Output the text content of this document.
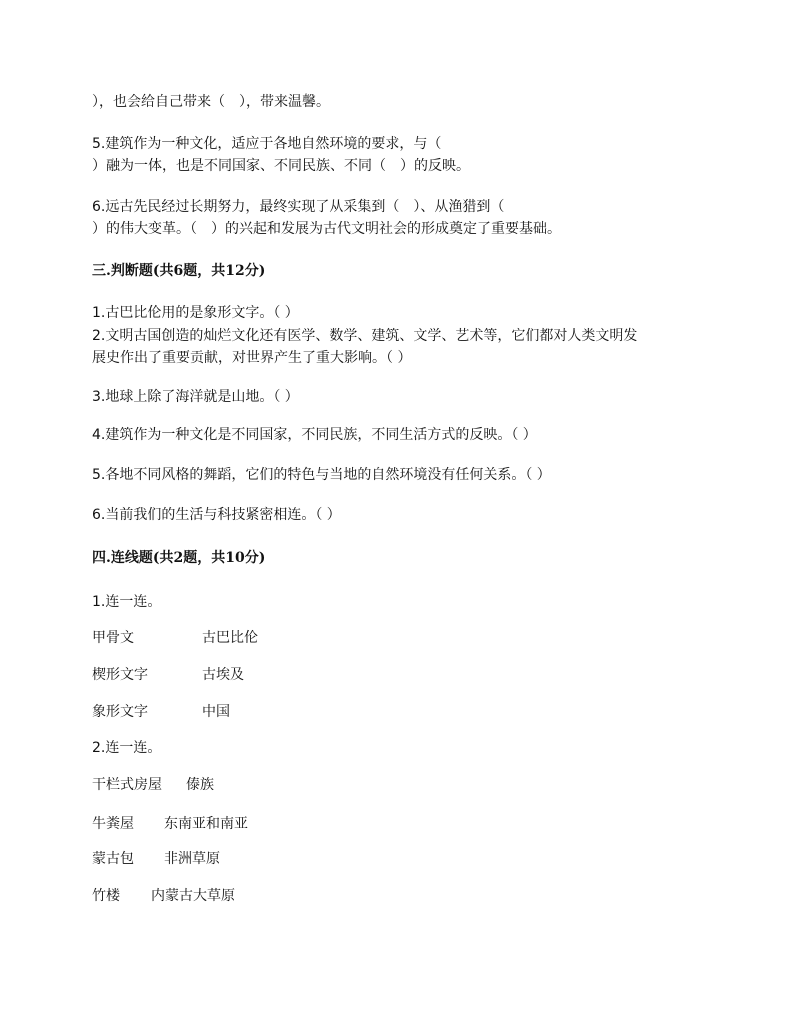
），也会给自己带来（　），带来温馨。

5.建筑作为一种文化，适应于各地自然环境的要求，与（

）融为一体，也是不同国家、不同民族、不同（　）的反映。

6.远古先民经过长期努力，最终实现了从采集到（　）、从渔猎到（

）的伟大变革。（　）的兴起和发展为古代文明社会的形成奠定了重要基础。

三.判断题(共6题，共12分)

1.古巴比伦用的是象形文字。（ ）

2.文明古国创造的灿烂文化还有医学、数学、建筑、文学、艺术等，它们都对人类文明发

展史作出了重要贡献，对世界产生了重大影响。（ ）

3.地球上除了海洋就是山地。（ ）

4.建筑作为一种文化是不同国家，不同民族，不同生活方式的反映。（ ）

5.各地不同风格的舞蹈，它们的特色与当地的自然环境没有任何关系。（ ）

6.当前我们的生活与科技紧密相连。（ ）

四.连线题(共2题，共10分)

1.连一连。

甲骨文	古巴比伦
楔形文字	古埃及
象形文字	中国

2.连一连。

干栏式房屋 傣族
牛粪屋 东南亚和南亚
蒙古包 非洲草原
竹楼 内蒙古大草原
